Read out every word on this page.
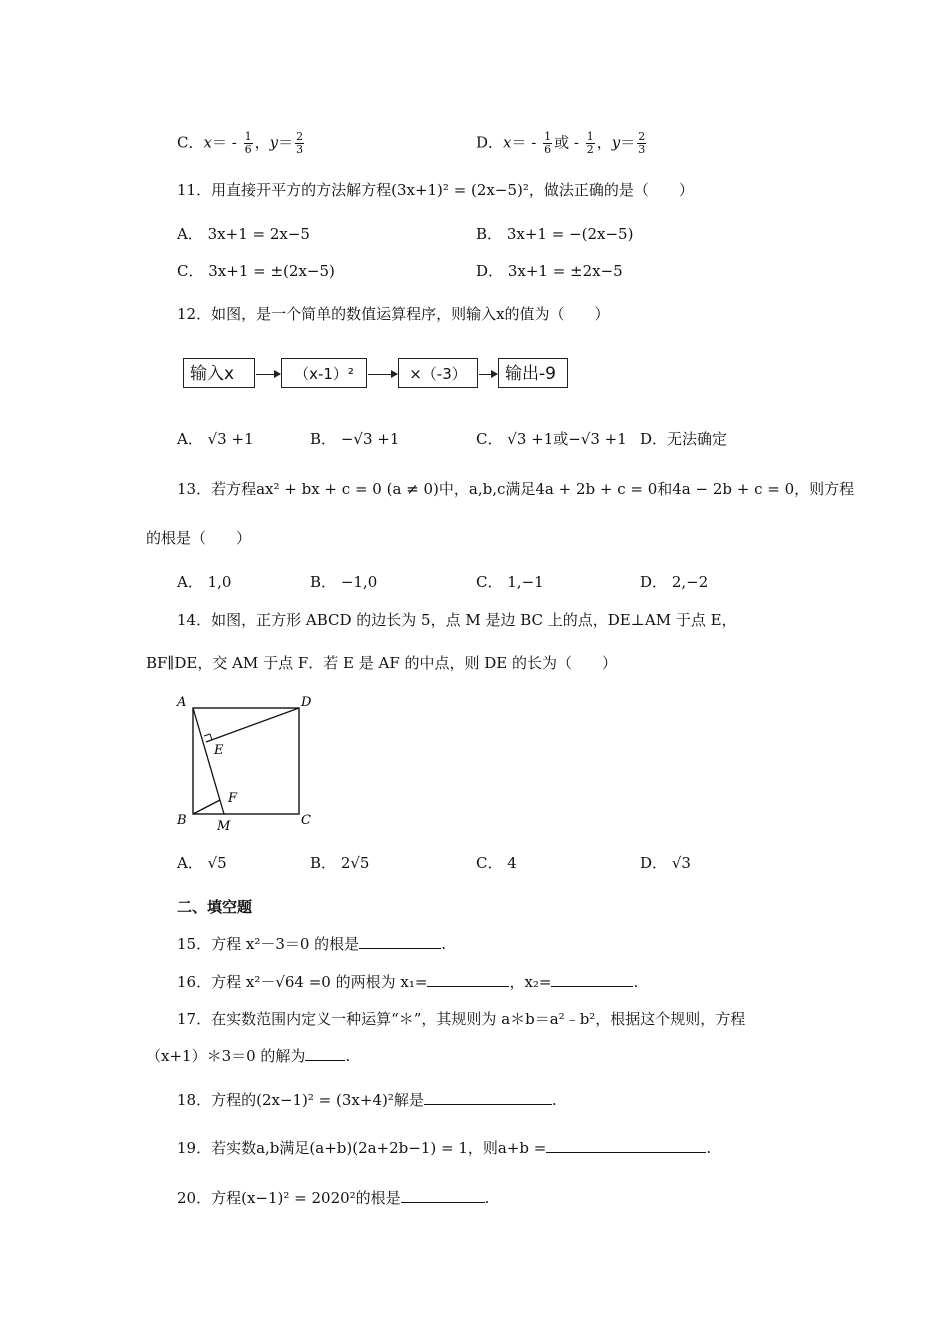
C．$x= - \frac{1}{6}$ ，$y= \frac{2}{3}$	D．$x= - \frac{1}{6}$ 或 - $\frac{1}{2}$ ，$y= \frac{2}{3}$
11．用直接开平方的方法解方程(3x+1)² = (2x−5)²，做法正确的是（　　）
A． 3x+1 = 2x−5	B． 3x+1 = −(2x−5)
C． 3x+1 = ±(2x−5)	D． 3x+1 = ±2x−5
12．如图，是一个简单的数值运算程序，则输入x的值为（　　）
输入x	（x-1）²	×（-3）	输出-9
A． √3 +1	B． −√3 +1	C． √3 +1或−√3 +1 D．无法确定
13．若方程ax² + bx + c = 0 (a ≠ 0)中，a,b,c满足4a + 2b + c = 0和4a − 2b + c = 0，则方程
的根是（　　）
A． 1,0	B． −1,0	C． 1,−1	D． 2,−2
14．如图，正方形 ABCD 的边长为 5，点 M 是边 BC 上的点，DE⊥AM 于点 E，
BF∥DE，交 AM 于点 F．若 E 是 AF 的中点，则 DE 的长为（　　）
A	D
E
F
B M	C
A． √5	B． 2√5	C． 4	D． √3
二、填空题
15．方程 x²－3＝0 的根是	.
16．方程 x²－√64 =0 的两根为 x₁=	，x₂=	.
17．在实数范围内定义一种运算“＊”，其规则为 a＊b＝a²﹣b²，根据这个规则，方程
（x+1）＊3＝0 的解为	.
18．方程的(2x−1)² = (3x+4)²解是	.
19．若实数a,b满足(a+b)(2a+2b−1) = 1，则a+b =	.
20．方程(x−1)² = 2020²的根是	.
